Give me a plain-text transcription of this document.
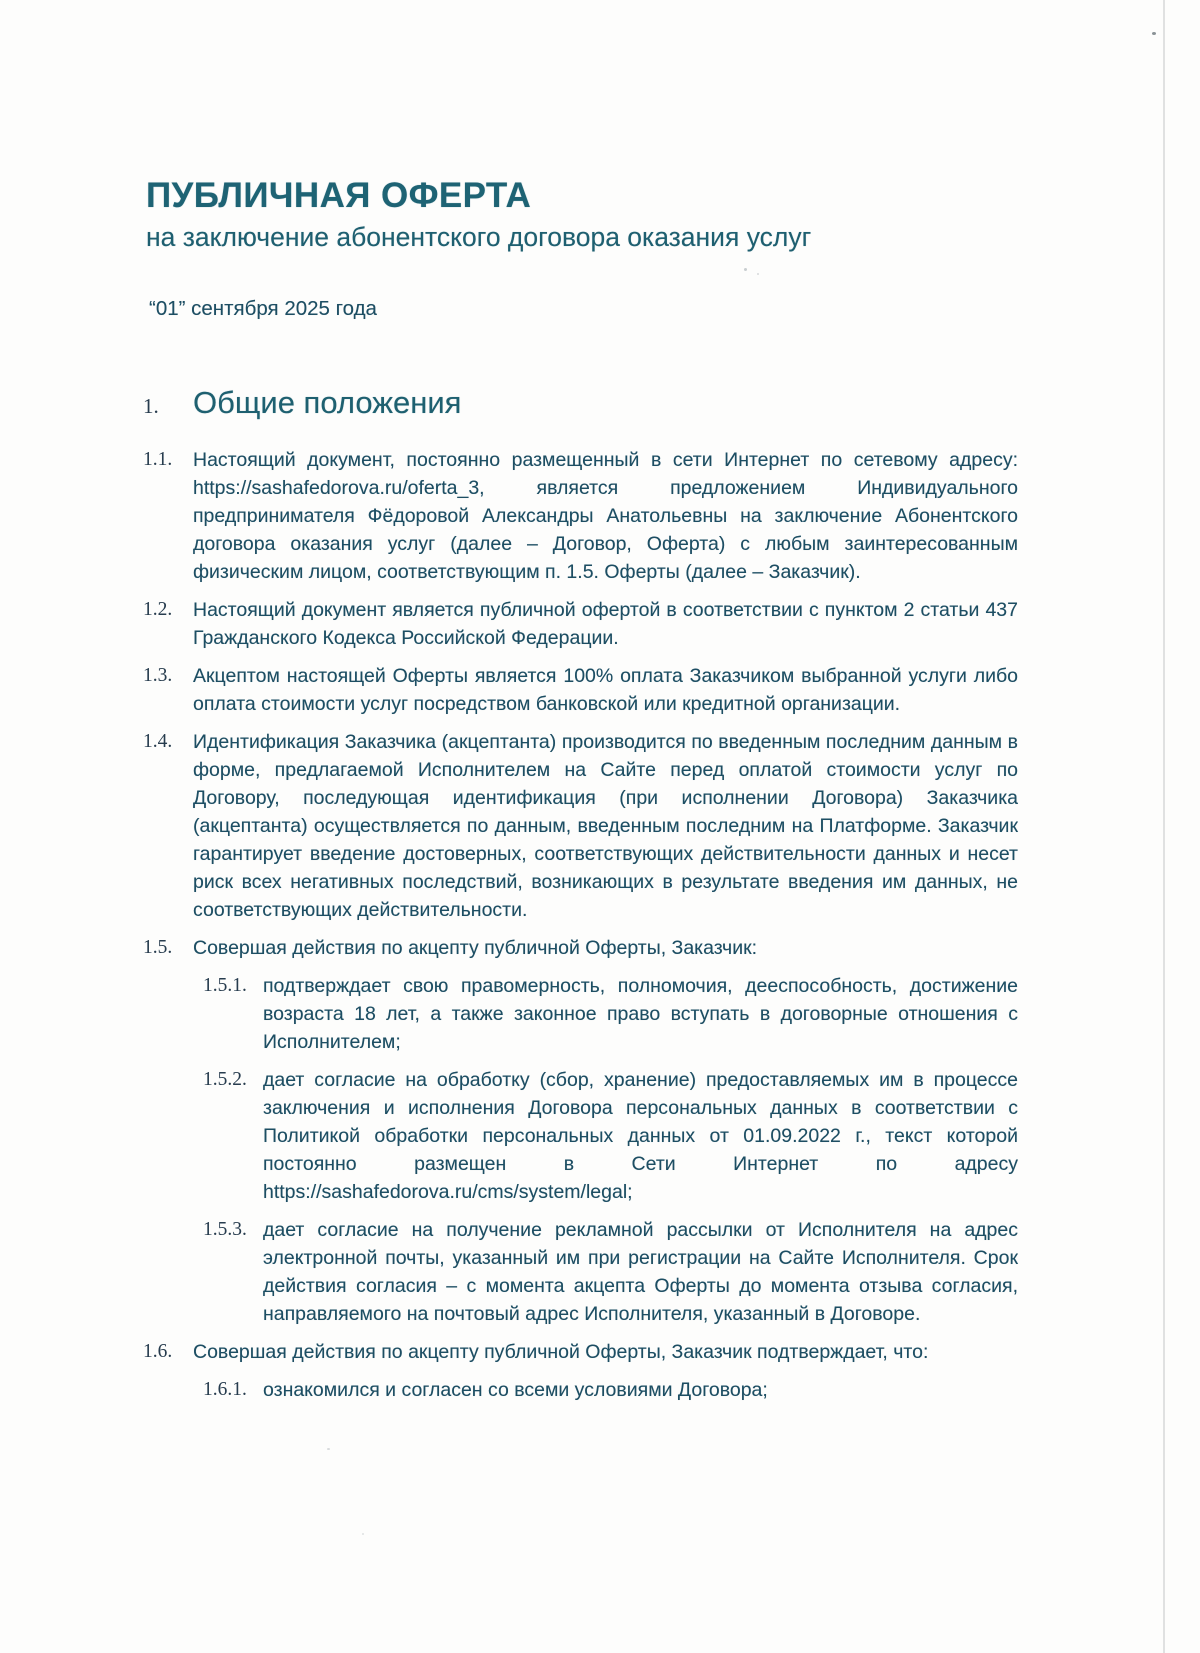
ПУБЛИЧНАЯ ОФЕРТА
на заключение абонентского договора оказания услуг
“01” сентября 2025 года
1. Общие положения
1.1. Настоящий документ, постоянно размещенный в сети Интернет по сетевому адресу: https://sashafedorova.ru/oferta_3, является предложением Индивидуального предпринимателя Фёдоровой Александры Анатольевны на заключение Абонентского договора оказания услуг (далее – Договор, Оферта) с любым заинтересованным физическим лицом, соответствующим п. 1.5. Оферты (далее – Заказчик).
1.2. Настоящий документ является публичной офертой в соответствии с пунктом 2 статьи 437 Гражданского Кодекса Российской Федерации.
1.3. Акцептом настоящей Оферты является 100% оплата Заказчиком выбранной услуги либо оплата стоимости услуг посредством банковской или кредитной организации.
1.4. Идентификация Заказчика (акцептанта) производится по введенным последним данным в форме, предлагаемой Исполнителем на Сайте перед оплатой стоимости услуг по Договору, последующая идентификация (при исполнении Договора) Заказчика (акцептанта) осуществляется по данным, введенным последним на Платформе. Заказчик гарантирует введение достоверных, соответствующих действительности данных и несет риск всех негативных последствий, возникающих в результате введения им данных, не соответствующих действительности.
1.5. Совершая действия по акцепту публичной Оферты, Заказчик:
1.5.1. подтверждает свою правомерность, полномочия, дееспособность, достижение возраста 18 лет, а также законное право вступать в договорные отношения с Исполнителем;
1.5.2. дает согласие на обработку (сбор, хранение) предоставляемых им в процессе заключения и исполнения Договора персональных данных в соответствии с Политикой обработки персональных данных от 01.09.2022 г., текст которой постоянно размещен в Сети Интернет по адресу https://sashafedorova.ru/cms/system/legal;
1.5.3. дает согласие на получение рекламной рассылки от Исполнителя на адрес электронной почты, указанный им при регистрации на Сайте Исполнителя. Срок действия согласия – с момента акцепта Оферты до момента отзыва согласия, направляемого на почтовый адрес Исполнителя, указанный в Договоре.
1.6. Совершая действия по акцепту публичной Оферты, Заказчик подтверждает, что:
1.6.1. ознакомился и согласен со всеми условиями Договора;
